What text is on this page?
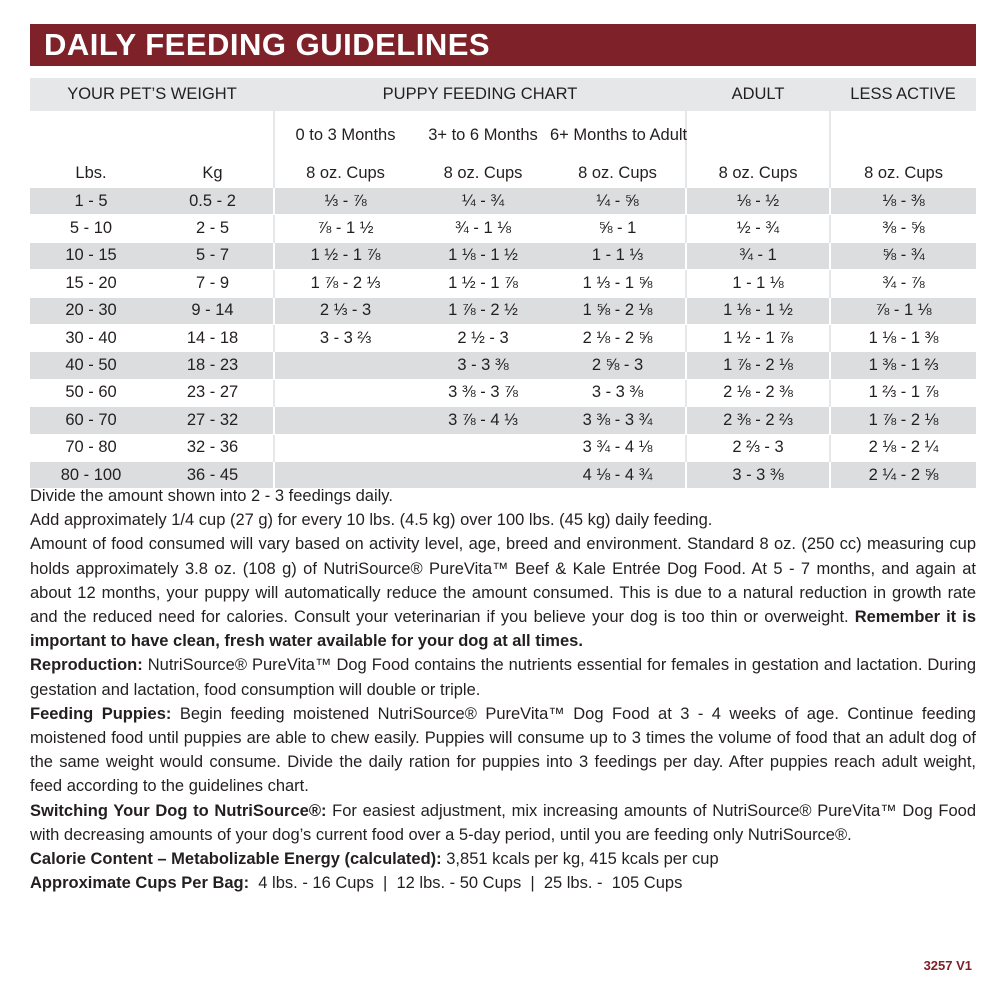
DAILY FEEDING GUIDELINES
YOUR PET’S WEIGHT		PUPPY FEEDING CHART			ADULT	LESS ACTIVE
		0 to 3 Months	3+ to 6 Months	6+ Months to Adult		
Lbs.	Kg	8 oz. Cups	8 oz. Cups	8 oz. Cups	8 oz. Cups	8 oz. Cups
1 - 5	0.5 - 2	⅓ - ⅞	¼ - ¾	¼ - ⅝	⅛ - ½	⅛ - ⅜
5 - 10	2 - 5	⅞ - 1 ½	¾ - 1 ⅛	⅝ - 1	½ - ¾	⅜ - ⅝
10 - 15	5 - 7	1 ½ - 1 ⅞	1 ⅛ - 1 ½	1 - 1 ⅓	¾ - 1	⅝ - ¾
15 - 20	7 - 9	1 ⅞ - 2 ⅓	1 ½ - 1 ⅞	1 ⅓ - 1 ⅝	1 - 1 ⅛	¾ - ⅞
20 - 30	9 - 14	2 ⅓ - 3	1 ⅞ - 2 ½	1 ⅝ - 2 ⅛	1 ⅛ - 1 ½	⅞ - 1 ⅛
30 - 40	14 - 18	3 - 3 ⅔	2 ½ - 3	2 ⅛ - 2 ⅝	1 ½ - 1 ⅞	1 ⅛ - 1 ⅜
40 - 50	18 - 23		3 - 3 ⅜	2 ⅝ - 3	1 ⅞ - 2 ⅛	1 ⅜ - 1 ⅔
50 - 60	23 - 27		3 ⅜ - 3 ⅞	3 - 3 ⅜	2 ⅛ - 2 ⅜	1 ⅔ - 1 ⅞
60 - 70	27 - 32		3 ⅞ - 4 ⅓	3 ⅜ - 3 ¾	2 ⅜ - 2 ⅔	1 ⅞ - 2 ⅛
70 - 80	32 - 36			3 ¾ - 4 ⅛	2 ⅔ - 3	2 ⅛ - 2 ¼
80 - 100	36 - 45			4 ⅛ - 4 ¾	3 - 3 ⅜	2 ¼ - 2 ⅝

Divide the amount shown into 2 - 3 feedings daily.

Add approximately 1/4 cup (27 g) for every 10 lbs. (4.5 kg) over 100 lbs. (45 kg) daily feeding.

Amount of food consumed will vary based on activity level, age, breed and environment. Standard 8 oz. (250 cc) measuring cup holds approximately 3.8 oz. (108 g) of NutriSource® PureVita™ Beef & Kale Entrée Dog Food. At 5 - 7 months, and again at about 12 months, your puppy will automatically reduce the amount consumed. This is due to a natural reduction in growth rate and the reduced need for calories. Consult your veterinarian if you believe your dog is too thin or overweight. Remember it is important to have clean, fresh water available for your dog at all times.

Reproduction: NutriSource® PureVita™ Dog Food contains the nutrients essential for females in gestation and lactation. During gestation and lactation, food consumption will double or triple.

Feeding Puppies: Begin feeding moistened NutriSource® PureVita™ Dog Food at 3 - 4 weeks of age. Continue feeding moistened food until puppies are able to chew easily. Puppies will consume up to 3 times the volume of food that an adult dog of the same weight would consume. Divide the daily ration for puppies into 3 feedings per day. After puppies reach adult weight, feed according to the guidelines chart.

Switching Your Dog to NutriSource®: For easiest adjustment, mix increasing amounts of NutriSource® PureVita™ Dog Food with decreasing amounts of your dog’s current food over a 5-day period, until you are feeding only NutriSource®.

Calorie Content – Metabolizable Energy (calculated): 3,851 kcals per kg, 415 kcals per cup

Approximate Cups Per Bag:  4 lbs. - 16 Cups  |  12 lbs. - 50 Cups  |  25 lbs. -  105 Cups

3257 V1
